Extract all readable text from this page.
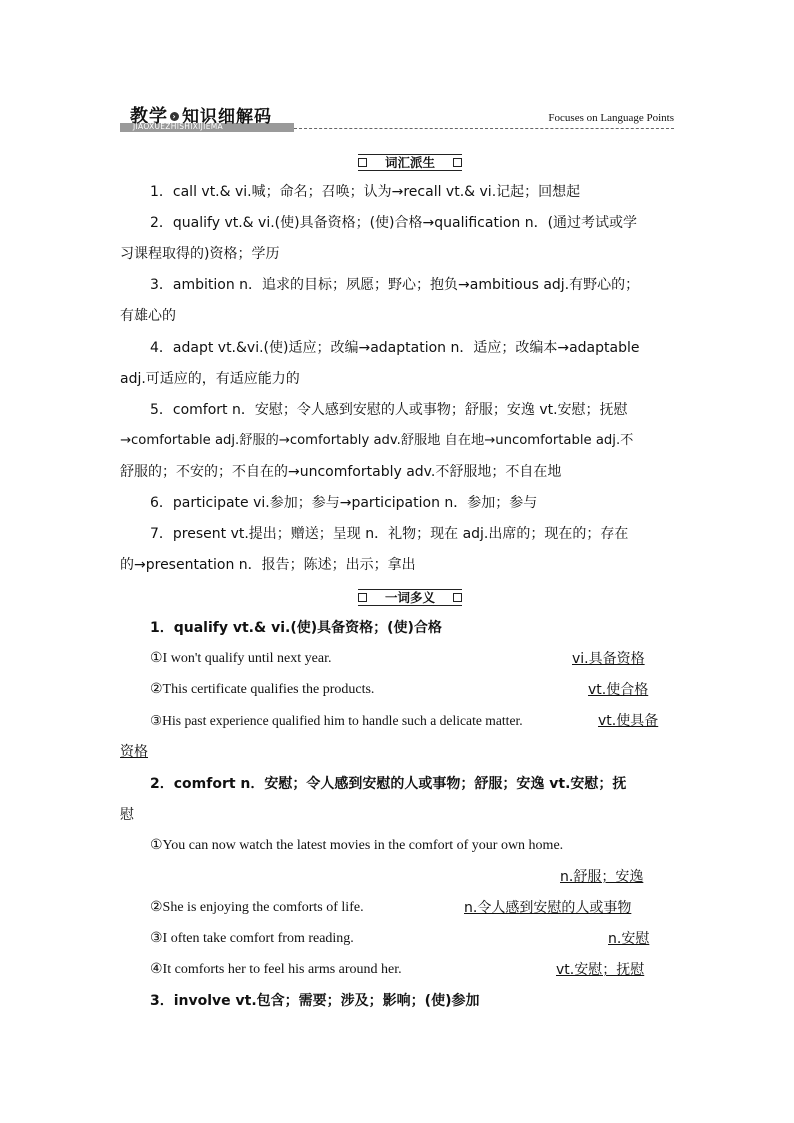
教学 › 知识细解码
JIAOXUEZHISHIXIJIEMA
Focuses on Language Points
词汇派生
1．call vt.& vi.喊；命名；召唤；认为→recall vt.& vi.记起；回想起
2．qualify vt.& vi.(使)具备资格；(使)合格→qualification n．(通过考试或学
习课程取得的)资格；学历
3．ambition n．追求的目标；夙愿；野心；抱负→ambitious adj.有野心的；
有雄心的
4．adapt vt.&vi.(使)适应；改编→adaptation n．适应；改编本→adaptable
adj.可适应的，有适应能力的
5．comfort n．安慰；令人感到安慰的人或事物；舒服；安逸 vt.安慰；抚慰
→comfortable adj.舒服的→comfortably adv.舒服地 自在地→uncomfortable adj.不
舒服的；不安的；不自在的→uncomfortably adv.不舒服地；不自在地
6．participate vi.参加；参与→participation n．参加；参与
7．present vt.提出；赠送；呈现 n．礼物；现在 adj.出席的；现在的；存在
的→presentation n．报告；陈述；出示；拿出
一词多义
1．qualify vt.& vi.(使)具备资格；(使)合格
①I won't qualify until next year.	vi.具备资格
②This certificate qualifies the products.	vt.使合格
③His past experience qualified him to handle such a delicate matter.	vt.使具备
资格
2．comfort n．安慰；令人感到安慰的人或事物；舒服；安逸 vt.安慰；抚
慰
①You can now watch the latest movies in the comfort of your own home.
n.舒服；安逸
②She is enjoying the comforts of life.	n.令人感到安慰的人或事物
③I often take comfort from reading.	n.安慰
④It comforts her to feel his arms around her.	vt.安慰；抚慰
3．involve vt.包含；需要；涉及；影响；(使)参加
